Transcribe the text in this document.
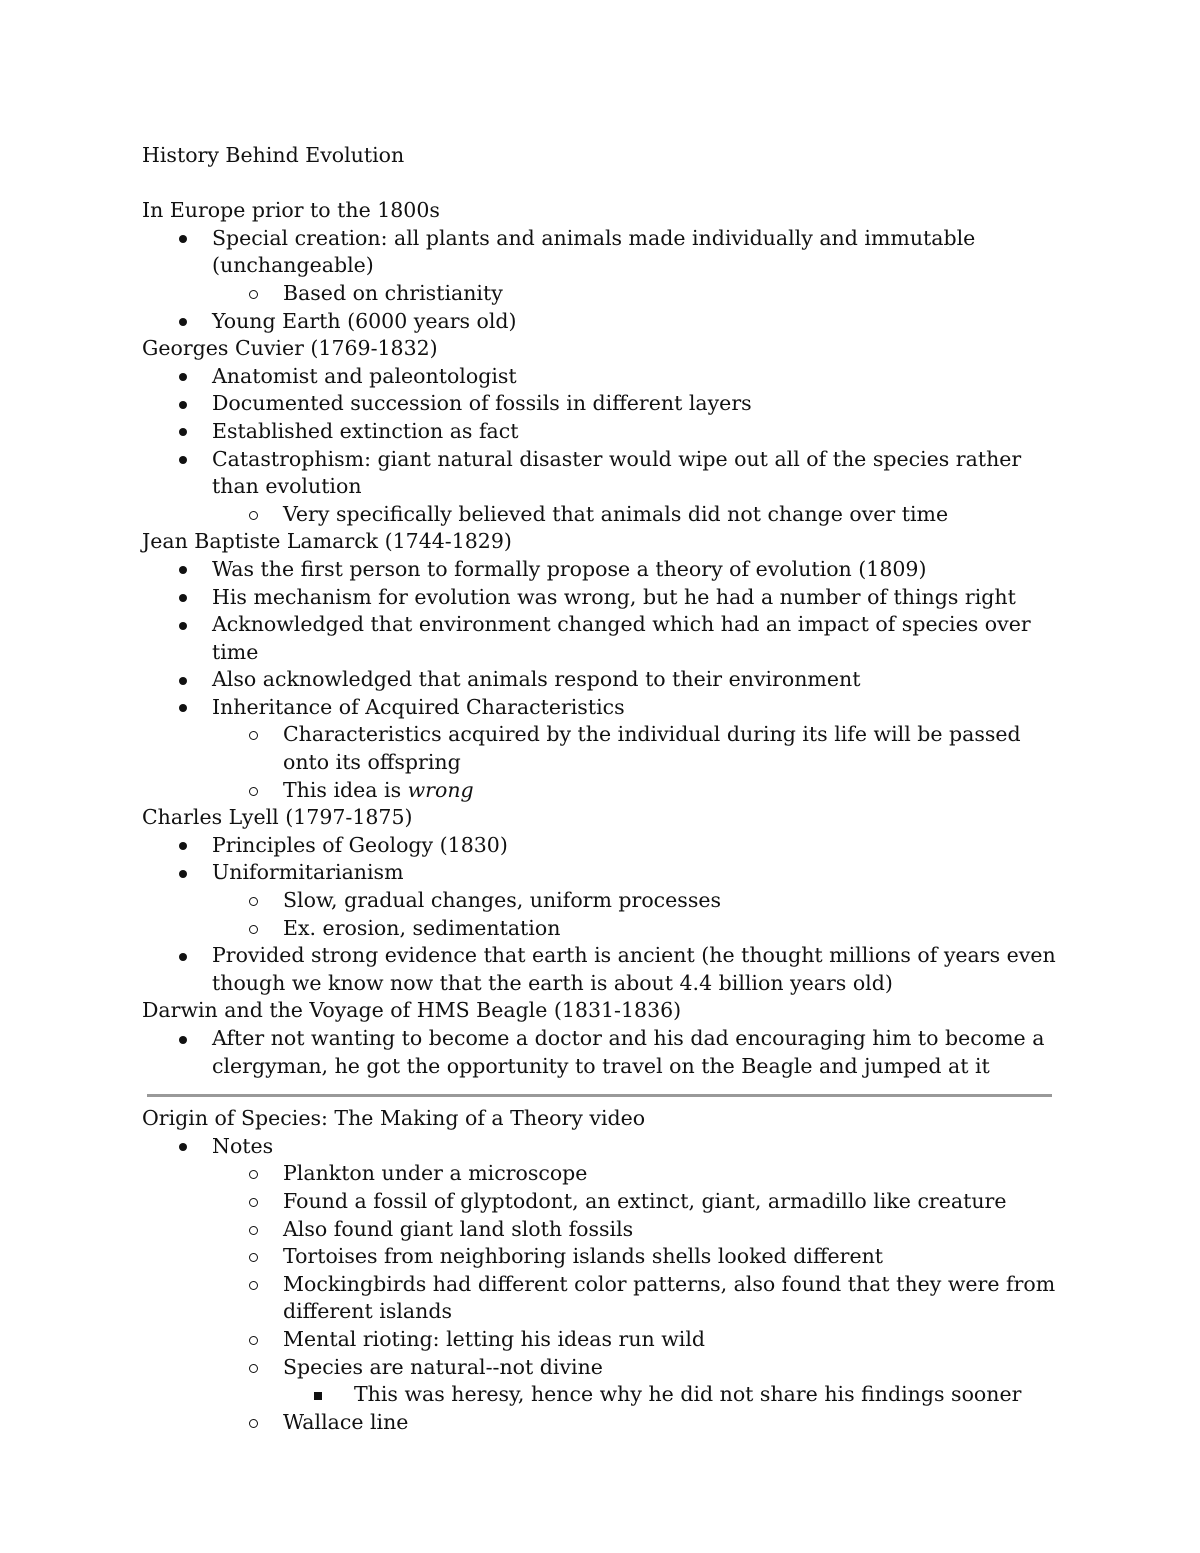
History Behind Evolution

In Europe prior to the 1800s

Special creation: all plants and animals made individually and immutable (unchangeable)
Based on christianity
Young Earth (6000 years old)

Georges Cuvier (1769-1832)

Anatomist and paleontologist
Documented succession of fossils in different layers
Established extinction as fact
Catastrophism: giant natural disaster would wipe out all of the species rather than evolution
Very specifically believed that animals did not change over time

Jean Baptiste Lamarck (1744-1829)

Was the first person to formally propose a theory of evolution (1809)
His mechanism for evolution was wrong, but he had a number of things right
Acknowledged that environment changed which had an impact of species over time
Also acknowledged that animals respond to their environment
Inheritance of Acquired Characteristics
Characteristics acquired by the individual during its life will be passed onto its offspring
This idea is wrong

Charles Lyell (1797-1875)

Principles of Geology (1830)
Uniformitarianism
Slow, gradual changes, uniform processes
Ex. erosion, sedimentation
Provided strong evidence that earth is ancient (he thought millions of years even though we know now that the earth is about 4.4 billion years old)

Darwin and the Voyage of HMS Beagle (1831-1836)

After not wanting to become a doctor and his dad encouraging him to become a clergyman, he got the opportunity to travel on the Beagle and jumped at it

Origin of Species: The Making of a Theory video

Notes
Plankton under a microscope
Found a fossil of glyptodont, an extinct, giant, armadillo like creature
Also found giant land sloth fossils
Tortoises from neighboring islands shells looked different
Mockingbirds had different color patterns, also found that they were from different islands
Mental rioting: letting his ideas run wild
Species are natural--not divine
This was heresy, hence why he did not share his findings sooner
Wallace line
